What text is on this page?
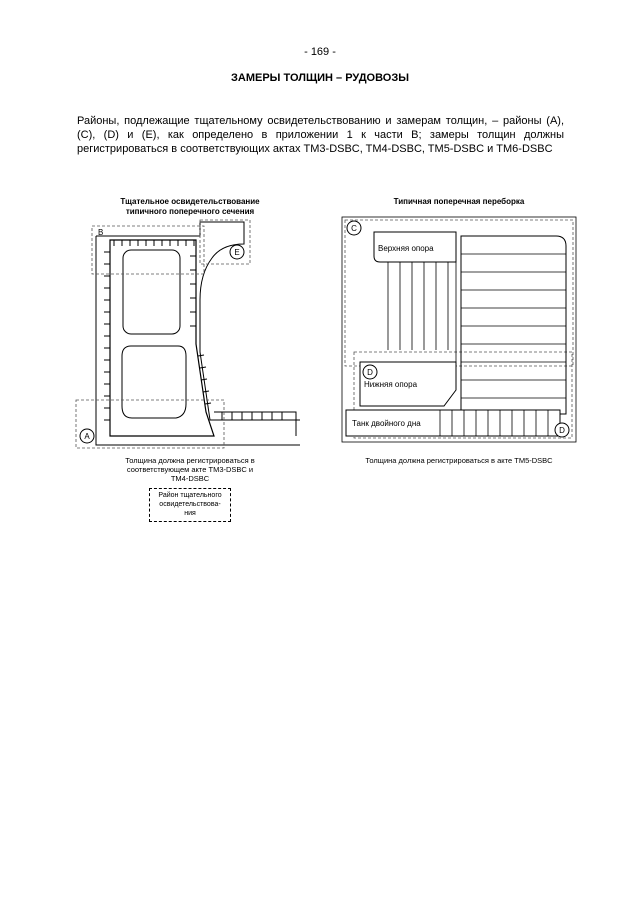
- 169 -
ЗАМЕРЫ ТОЛЩИН – РУДОВОЗЫ

Районы, подлежащие тщательному освидетельствованию и замерам толщин, – районы (A), (C), (D) и (E), как определено в приложении 1 к части B; замеры толщин должны регистрироваться в соответствующих актах TM3-DSBC, TM4-DSBC, TM5-DSBC и TM6-DSBC

Тщательное освидетельствование
типичного поперечного сечения
A
B
E	Верхняя опора
Нижняя опора
Танк двойного дна
C
D
D
Типичная поперечная переборка
Толщина должна регистрироваться в
соответствующем акте TM3-DSBC и
TM4-DSBC
Район тщательного
освидетельствова-
ния
Толщина должна регистрироваться в акте TM5-DSBC
